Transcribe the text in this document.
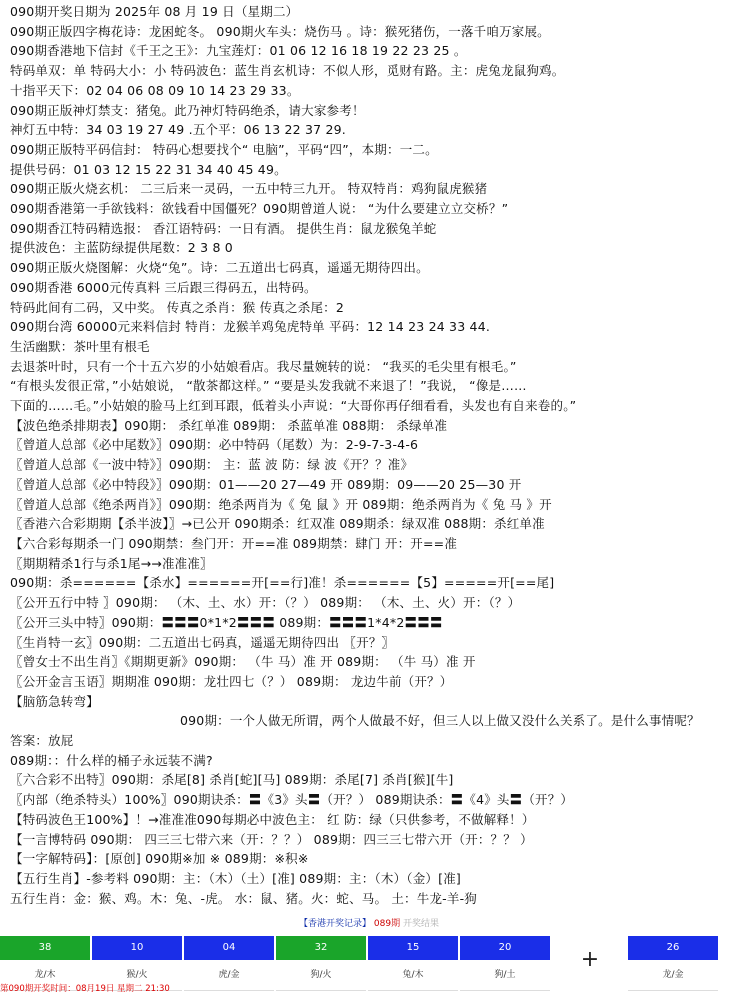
090期开奖日期为 2025年 08 月 19 日（星期二）
090期正版四字梅花诗：龙困蛇冬。 090期火车头：烧伤马 。诗：猴死猪伤，一落千咱万家展。
090期香港地下信封《千王之王》：九宝莲灯：01 06 12 16 18 19 22 23 25 。
特码单双：单 特码大小：小 特码波色：蓝生肖玄机诗：不似人形，觅财有路。主：虎兔龙鼠狗鸡。
十指平天下：02 04 06 08 09 10 14 23 29 33。
090期正版神灯禁支：猪兔。此乃神灯特码绝杀，请大家参考！
神灯五中特：34 03 19 27 49 .五个平：06 13 22 37 29.
090期正版特平码信封： 特码心想要找个“ 电脑”，平码“四”，本期：一二。
提供号码：01 03 12 15 22 31 34 40 45 49。
090期正版火烧玄机： 二三后来一灵码，一五中特三九开。 特双特肖：鸡狗鼠虎猴猪
090期香港第一手欲钱料：欲钱看中国僵死？090期曾道人说： “为什么要建立立交桥？”
090期香江特码精选报： 香江语特码：一日有酒。 提供生肖：鼠龙猴兔羊蛇
提供波色：主蓝防绿提供尾数：2 3 8 0
090期正版火烧图解：火烧“兔”。诗：二五道出七码真，遥遥无期待四出。
090期香港 6000元传真料 三后跟三得码五，出特码。
特码此间有二码，又中奖。 传真之杀肖：猴 传真之杀尾：2
090期台湾 60000元来料信封 特肖：龙猴羊鸡兔虎特单 平码：12 14 23 24 33 44.
生活幽默：茶叶里有根毛
去退茶叶时，只有一个十五六岁的小姑娘看店。我尽量婉转的说： “我买的毛尖里有根毛。”
“有根头发很正常，”小姑娘说， “散茶都这样。” “要是头发我就不来退了！”我说， “像是……
下面的……毛。”小姑娘的脸马上红到耳跟，低着头小声说：“大哥你再仔细看看，头发也有自来卷的。”
【波色绝杀排期表】090期： 杀红单准 089期： 杀蓝单准 088期： 杀绿单准
〖曾道人总部《必中尾数》〗090期：必中特码（尾数）为：2-9-7-3-4-6
〖曾道人总部《一波中特》〗090期： 主：蓝 波 防：绿 波《开？？准》
〖曾道人总部《必中特段》〗090期：01——20 27—49 开 089期：09——20 25—30 开
〖曾道人总部《绝杀两肖》〗090期：绝杀两肖为《 兔 鼠 》开 089期：绝杀两肖为《 兔 马 》开
〖香港六合彩期期【杀半波】〗→已公开 090期杀：红双准 089期杀：绿双准 088期：杀红单准
【六合彩每期杀一门 090期禁：叁门开：开==准 089期禁：肆门 开：开==准
〖期期精杀1行与杀1尾→→准准准〗
090期：杀======【杀水】======开[==行]准！杀======【5】=====开[==尾]
〖公开五行中特 〗090期： （木、土、水）开：（？） 089期： （木、土、火）开：（？）
〖公开三头中特〗090期：〓〓〓0*1*2〓〓〓 089期：〓〓〓1*4*2〓〓〓
〖生肖特一玄〗090期：二五道出七码真，遥遥无期待四出 〖开？〗
〖曾女士不出生肖〗《期期更新》090期： （牛 马）准 开 089期： （牛 马）准 开
〖公开金言玉语〗期期准 090期：龙壮四七（？） 089期： 龙边牛前（开？）
【脑筋急转弯】
090期：一个人做无所谓，两个人做最不好，但三人以上做又没什么关系了。是什么事情呢？
答案：放屁
089期：：什么样的桶子永远装不满?
〖六合彩不出特〗090期：杀尾[8] 杀肖[蛇][马] 089期：杀尾[7] 杀肖[猴][牛]
〖内部（绝杀特头）100%〗090期诀杀：〓《3》头〓（开？） 089期诀杀：〓《4》头〓（开？）
【特码波色王100%】！→准准准090每期必中波色主： 红 防：绿（只供参考，不做解释！）
【一言博特码 090期： 四三三七带六来（开：？？） 089期：四三三七带六开（开：？？ ）
【一字解特码】：[原创] 090期※加 ※ 089期：※积※
【五行生肖】-参考料 090期：主：（木）（土）[准] 089期：主：（木）（金）[准]
五行生肖：金：猴、鸡。木：兔、-虎。 水：鼠、猪。火：蛇、马。 土：牛龙-羊-狗
【香港开奖记录】 089期 开奖结果
38
龙/木
10
猴/火
04
虎/金
32
狗/火
15
兔/木
20
狗/土
26
龙/金
+
第090期开奖时间：08月19日 星期二 21:30
